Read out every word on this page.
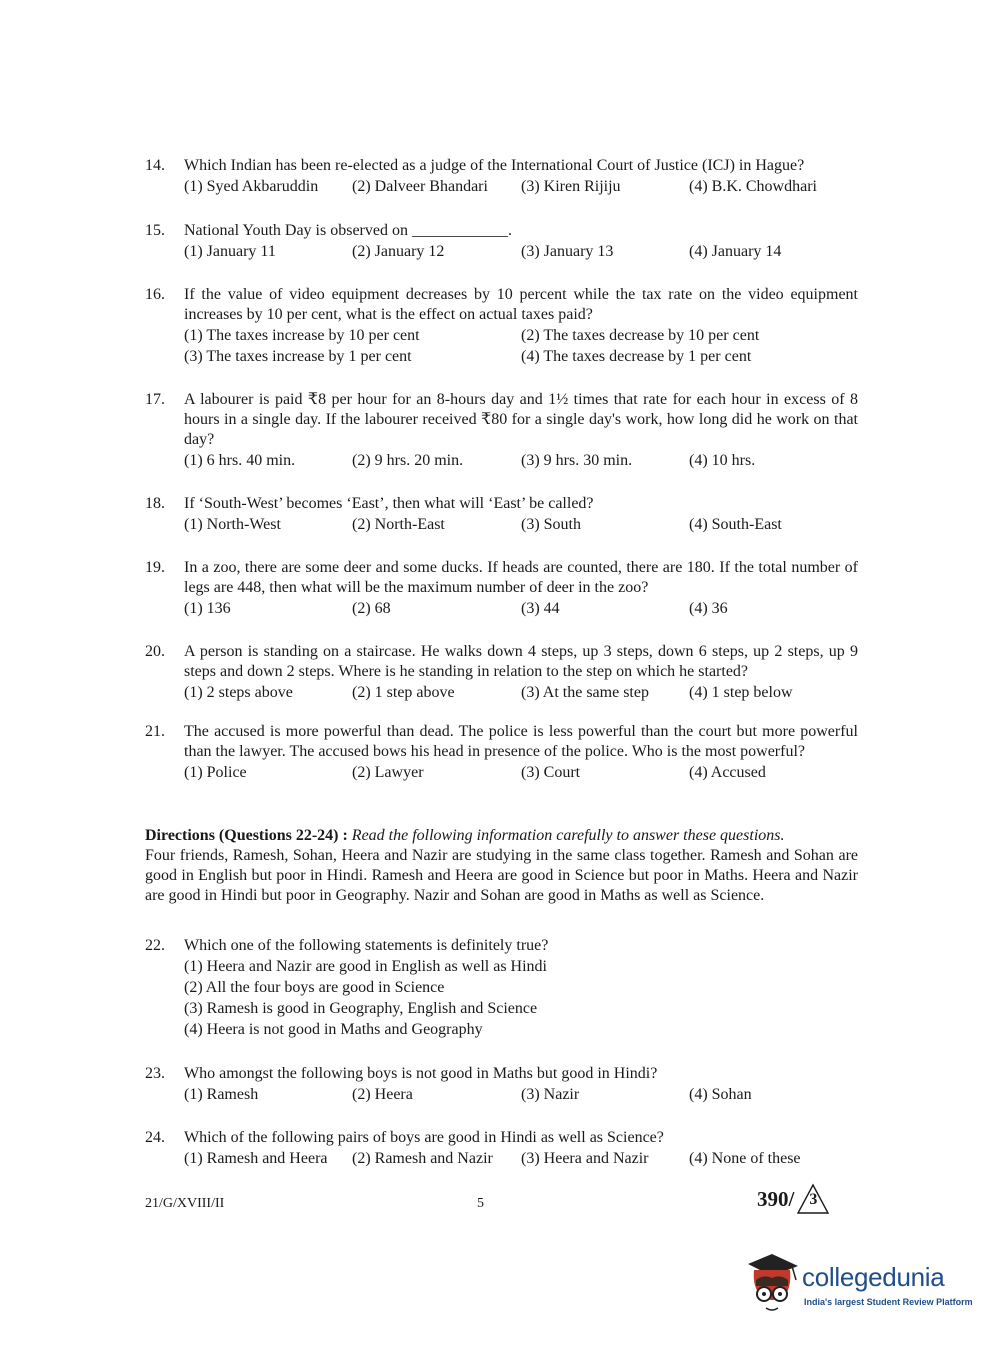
14.	Which Indian has been re-elected as a judge of the International Court of Justice (ICJ) in Hague?
(1) Syed Akbaruddin	(2) Dalveer Bhandari	(3) Kiren Rijiju	(4) B.K. Chowdhari
15.	National Youth Day is observed on ____________.
(1) January 11	(2) January 12	(3) January 13	(4) January 14
16.	If the value of video equipment decreases by 10 percent while the tax rate on the video equipment increases by 10 per cent, what is the effect on actual taxes paid?
(1) The taxes increase by 10 per cent	(2) The taxes decrease by 10 per cent
(3) The taxes increase by 1 per cent	(4) The taxes decrease by 1 per cent
17.	A labourer is paid ₹8 per hour for an 8-hours day and 1½ times that rate for each hour in excess of 8 hours in a single day. If the labourer received ₹80 for a single day's work, how long did he work on that day?
(1) 6 hrs. 40 min.	(2) 9 hrs. 20 min.	(3) 9 hrs. 30 min.	(4) 10 hrs.
18.	If ‘South-West’ becomes ‘East’, then what will ‘East’ be called?
(1) North-West	(2) North-East	(3) South	(4) South-East
19.	In a zoo, there are some deer and some ducks. If heads are counted, there are 180. If the total number of legs are 448, then what will be the maximum number of deer in the zoo?
(1) 136	(2) 68	(3) 44	(4) 36
20.	A person is standing on a staircase. He walks down 4 steps, up 3 steps, down 6 steps, up 2 steps, up 9 steps and down 2 steps. Where is he standing in relation to the step on which he started?
(1) 2 steps above	(2) 1 step above	(3) At the same step	(4) 1 step below
21.	The accused is more powerful than dead. The police is less powerful than the court but more powerful than the lawyer. The accused bows his head in presence of the police. Who is the most powerful?
(1) Police	(2) Lawyer	(3) Court	(4) Accused
Directions (Questions 22-24) : Read the following information carefully to answer these questions.
Four friends, Ramesh, Sohan, Heera and Nazir are studying in the same class together. Ramesh and Sohan are good in English but poor in Hindi. Ramesh and Heera are good in Science but poor in Maths. Heera and Nazir are good in Hindi but poor in Geography. Nazir and Sohan are good in Maths as well as Science.
22.	Which one of the following statements is definitely true?
(1) Heera and Nazir are good in English as well as Hindi
(2) All the four boys are good in Science
(3) Ramesh is good in Geography, English and Science
(4) Heera is not good in Maths and Geography
23.	Who amongst the following boys is not good in Maths but good in Hindi?
(1) Ramesh	(2) Heera	(3) Nazir	(4) Sohan
24.	Which of the following pairs of boys are good in Hindi as well as Science?
(1) Ramesh and Heera	(2) Ramesh and Nazir	(3) Heera and Nazir	(4) None of these
21/G/XVIII/II	5	390/ 3
collegedunia
India's largest Student Review Platform
